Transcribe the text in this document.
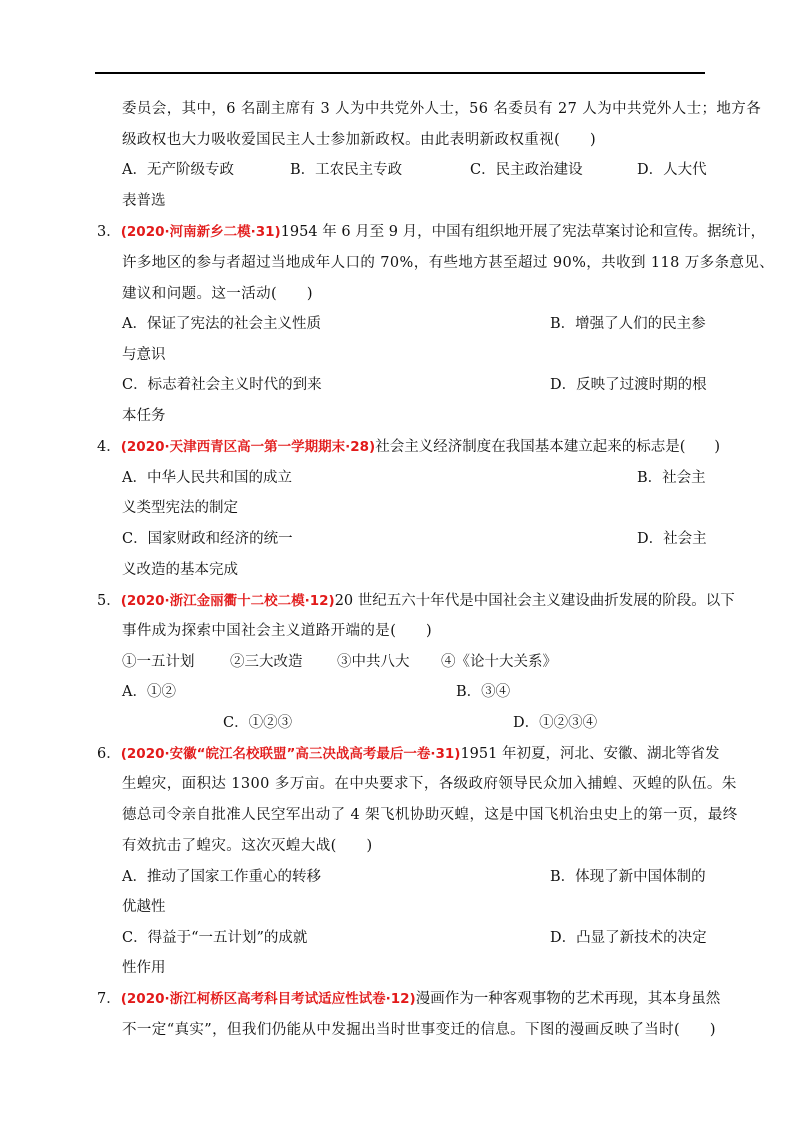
委员会，其中，6 名副主席有 3 人为中共党外人士，56 名委员有 27 人为中共党外人士；地方各
级政权也大力吸收爱国民主人士参加新政权。由此表明新政权重视(　　)
A．无产阶级专政	B．工农民主专政	C．民主政治建设	D．人大代
表普选
3．(2020·河南新乡二模·31)1954 年 6 月至 9 月，中国有组织地开展了宪法草案讨论和宣传。据统计，
许多地区的参与者超过当地成年人口的 70%，有些地方甚至超过 90%，共收到 118 万多条意见、
建议和问题。这一活动(　　)
A．保证了宪法的社会主义性质	B．增强了人们的民主参
与意识
C．标志着社会主义时代的到来	D．反映了过渡时期的根
本任务
4．(2020·天津西青区高一第一学期期末·28)社会主义经济制度在我国基本建立起来的标志是(　　)
A．中华人民共和国的成立	B．社会主
义类型宪法的制定
C．国家财政和经济的统一	D．社会主
义改造的基本完成
5．(2020·浙江金丽衢十二校二模·12)20 世纪五六十年代是中国社会主义建设曲折发展的阶段。以下
事件成为探索中国社会主义道路开端的是(　　)
①一五计划 ②三大改造 ③中共八大 ④《论十大关系》
A．①②	B．③④
C．①②③	D．①②③④
6．(2020·安徽“皖江名校联盟”高三决战高考最后一卷·31)1951 年初夏，河北、安徽、湖北等省发
生蝗灾，面积达 1300 多万亩。在中央要求下，各级政府领导民众加入捕蝗、灭蝗的队伍。朱
德总司令亲自批准人民空军出动了 4 架飞机协助灭蝗，这是中国飞机治虫史上的第一页，最终
有效抗击了蝗灾。这次灭蝗大战(　　)
A．推动了国家工作重心的转移	B．体现了新中国体制的
优越性
C．得益于“一五计划”的成就	D．凸显了新技术的决定
性作用
7．(2020·浙江柯桥区高考科目考试适应性试卷·12)漫画作为一种客观事物的艺术再现，其本身虽然
不一定“真实”，但我们仍能从中发掘出当时世事变迁的信息。下图的漫画反映了当时(　　)
